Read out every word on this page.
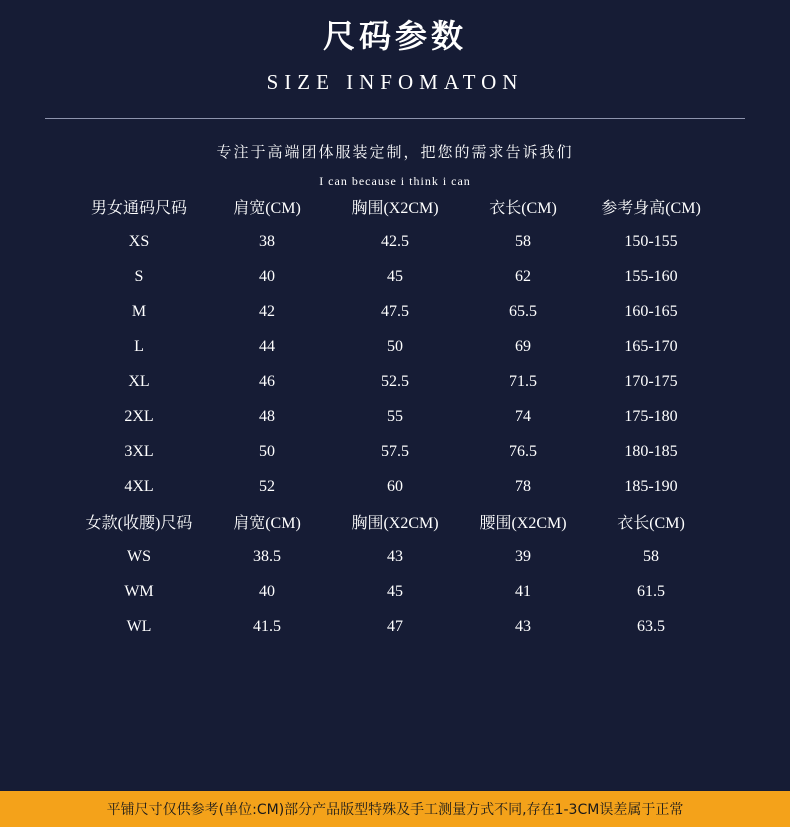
尺码参数
SIZE INFOMATON
专注于高端团体服装定制，把您的需求告诉我们
I can because i think i can
男女通码尺码	肩宽(CM)	胸围(X2CM)	衣长(CM)	参考身高(CM)
XS	38	42.5	58	150-155
S	40	45	62	155-160
M	42	47.5	65.5	160-165
L	44	50	69	165-170
XL	46	52.5	71.5	170-175
2XL	48	55	74	175-180
3XL	50	57.5	76.5	180-185
4XL	52	60	78	185-190
女款(收腰)尺码	肩宽(CM)	胸围(X2CM)	腰围(X2CM)	衣长(CM)
WS	38.5	43	39	58
WM	40	45	41	61.5
WL	41.5	47	43	63.5
平铺尺寸仅供参考(单位:CM)部分产品版型特殊及手工测量方式不同,存在1-3CM误差属于正常
